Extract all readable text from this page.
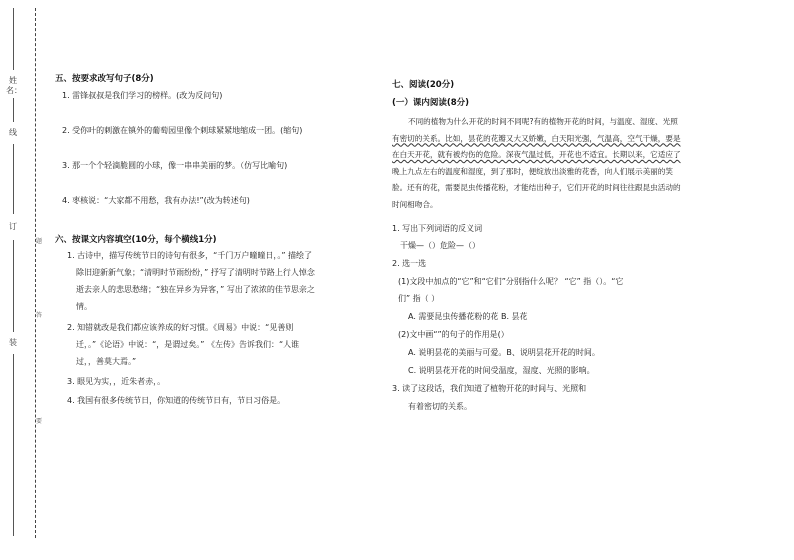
姓名：
线
订
装
题
答
要
五、按要求改写句子(8分)
1. 雷锋叔叔是我们学习的榜样。(改为反问句)
2. 受你叶的刺激在镇外的葡萄园里像个刺球紧紧地缩成一团。(缩句)
3. 那一个个轻滴脆圆的小球，像一串串美丽的梦。（仿写比喻句)
4. 枣核说：“大家都不用愁，我有办法!”(改为转述句)
六、按课文内容填空(10分，每个横线1分)
1. 古诗中，描写传统节日的诗句有很多，“千门万户曈曈日，。” 描绘了
除旧迎新新气象；“清明时节雨纷纷，” 抒写了清明时节路上行人悼念
逝去亲人的悲思愁绪；“独在异乡为异客，” 写出了浓浓的佳节思亲之
情。
2. 知错就改是我们都应该养成的好习惯。《周易》中说：“见善则
迁，。”《论语》中说：“，是谓过矣。” 《左传》告诉我们：“人谁
过，，善莫大焉。”
3. 眼见为实，，近朱者赤，。
4. 我国有很多传统节日，你知道的传统节日有，节日习俗是。
七、阅读(20分)
(一）课内阅读(8分)
不同的植物为什么开花的时间不同呢?有的植物开花的时间，与温度、湿度、光照
有密切的关系。比如，昙花的花瓣又大又娇嫩，白天阳光强，气温高，空气干燥，要是
在白天开花，就有被灼伤的危险。深夜气温过低，开花也不适宜。长期以来，它适应了
晚上九点左右的温度和湿度，到了那时，便绽放出淡雅的花香，向人们展示美丽的笑
脸。还有的花，需要昆虫传播花粉，才能结出种子，它们开花的时间往往跟昆虫活动的
时间相吻合。
1. 写出下列词语的反义词
干燥—（）危险—（）
2. 选一选
(1)文段中加点的“它”和“它们”分别指什么呢？ “它” 指（）。“它
们” 指（ ）
A. 需要昆虫传播花粉的花 B. 昙花
(2)文中画“”的句子的作用是(）
A. 说明昙花的美丽与可爱。B、说明昙花开花的时间。
C. 说明昙花开花的时间受温度，湿度、光照的影响。
3. 读了这段话，我们知道了植物开花的时间与、光照和
有着密切的关系。
